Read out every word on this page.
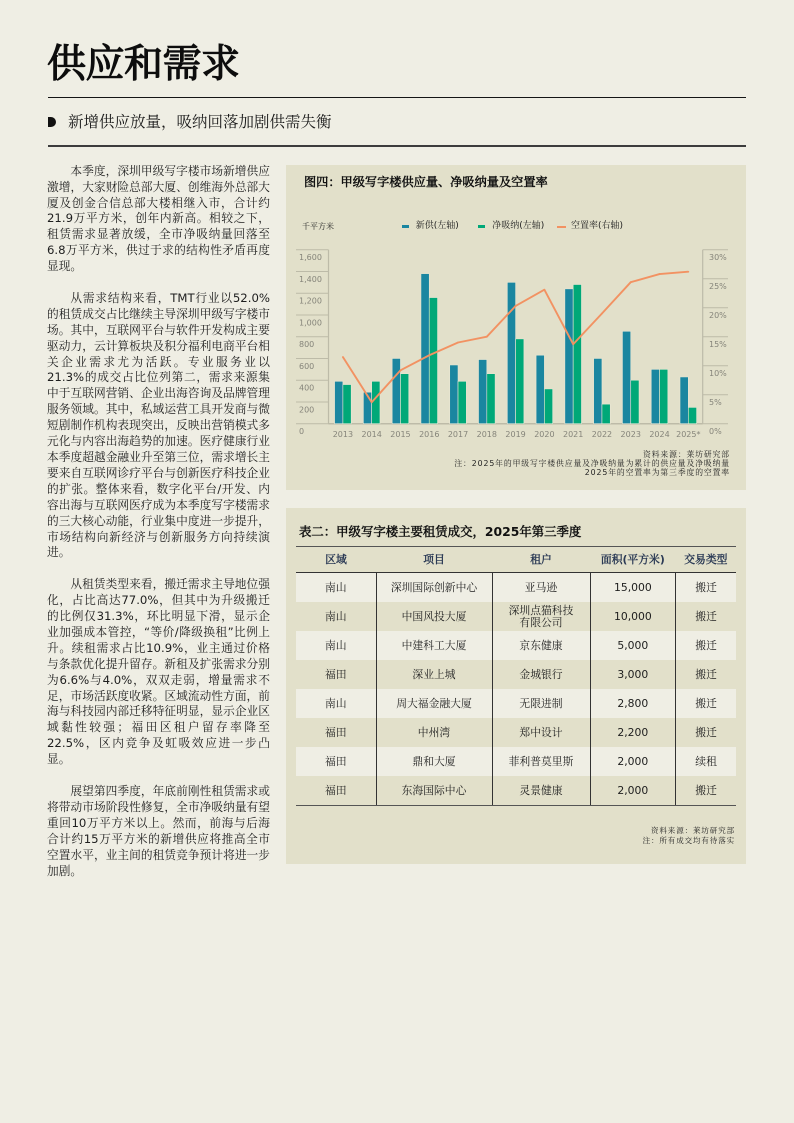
供应和需求
新增供应放量，吸纳回落加剧供需失衡

本季度，深圳甲级写字楼市场新增供应激增，大家财险总部大厦、创维海外总部大厦及创金合信总部大楼相继入市，合计约21.9万平方米，创年内新高。相较之下，租赁需求显著放缓，全市净吸纳量回落至6.8万平方米，供过于求的结构性矛盾再度显现。

从需求结构来看，TMT行业以52.0%的租赁成交占比继续主导深圳甲级写字楼市场。其中，互联网平台与软件开发构成主要驱动力，云计算板块及积分福利电商平台相关企业需求尤为活跃。专业服务业以21.3%的成交占比位列第二，需求来源集中于互联网营销、企业出海咨询及品牌管理服务领域。其中，私域运营工具开发商与微短剧制作机构表现突出，反映出营销模式多元化与内容出海趋势的加速。医疗健康行业本季度超越金融业升至第三位，需求增长主要来自互联网诊疗平台与创新医疗科技企业的扩张。整体来看，数字化平台/开发、内容出海与互联网医疗成为本季度写字楼需求的三大核心动能，行业集中度进一步提升，市场结构向新经济与创新服务方向持续演进。

从租赁类型来看，搬迁需求主导地位强化，占比高达77.0%，但其中为升级搬迁的比例仅31.3%，环比明显下滑，显示企业加强成本管控，“等价/降级换租”比例上升。续租需求占比10.9%，业主通过价格与条款优化提升留存。新租及扩张需求分别为6.6%与4.0%，双双走弱，增量需求不足，市场活跃度收紧。区域流动性方面，前海与科技园内部迁移特征明显，显示企业区域黏性较强；福田区租户留存率降至22.5%，区内竞争及虹吸效应进一步凸显。

展望第四季度，年底前刚性租赁需求或将带动市场阶段性修复，全市净吸纳量有望重回10万平方米以上。然而，前海与后海合计约15万平方米的新增供应将推高全市空置水平，业主间的租赁竞争预计将进一步加剧。

图四：甲级写字楼供应量、净吸纳量及空置率
千平方米	新供(左轴)	净吸纳(左轴)	空置率(右轴)
0
200
400
600
800
1,000
1,200
1,400
1,600
0%
5%
10%
15%
20%
25%
30%
2013 2014 2015 2016 2017 2018 2019 2020 2021 2022 2023 2024 2025*
资料来源：莱坊研究部
注：2025年的甲级写字楼供应量及净吸纳量为累计的供应量及净吸纳量
2025年的空置率为第三季度的空置率
表二：甲级写字楼主要租赁成交，2025年第三季度
区域	项目	租户	面积(平方米)	交易类型
南山	深圳国际创新中心	亚马逊	15,000	搬迁
南山	中国风投大厦	深圳点猫科技有限公司	10,000	搬迁
南山	中建科工大厦	京东健康	5,000	搬迁
福田	深业上城	金城银行	3,000	搬迁
南山	周大福金融大厦	无限进制	2,800	搬迁
福田	中州湾	郑中设计	2,200	搬迁
福田	鼎和大厦	菲利普莫里斯	2,000	续租
福田	东海国际中心	灵景健康	2,000	搬迁
资料来源：莱坊研究部
注：所有成交均有待落实
